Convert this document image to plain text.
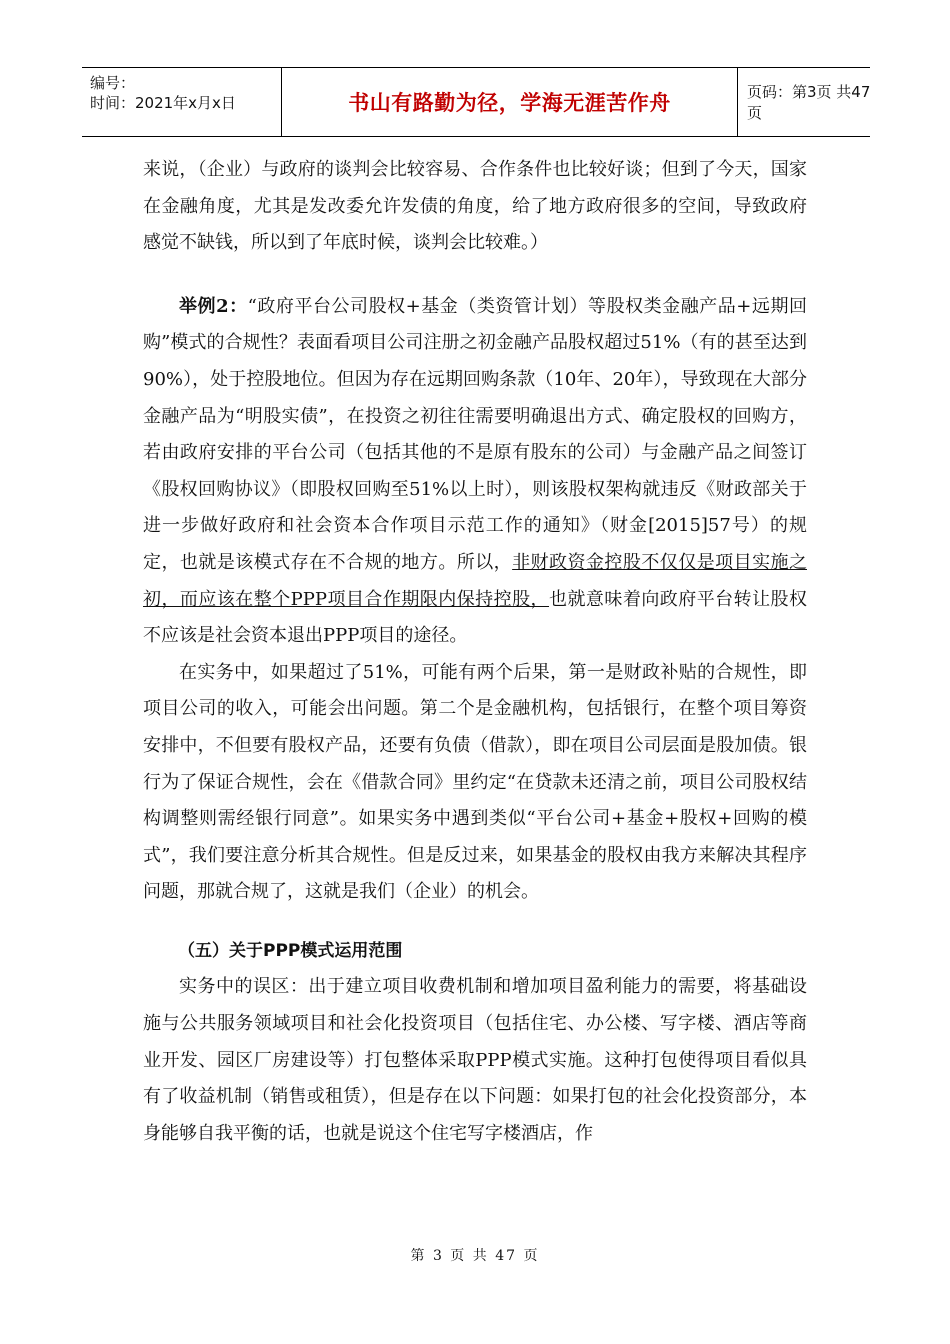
编号：
时间：2021年x月x日	书山有路勤为径，学海无涯苦作舟	页码：第3页 共47页

来说，（企业）与政府的谈判会比较容易、合作条件也比较好谈；但到了今天，国家在金融角度，尤其是发改委允许发债的角度，给了地方政府很多的空间，导致政府感觉不缺钱，所以到了年底时候，谈判会比较难。）

举例2：“政府平台公司股权+基金（类资管计划）等股权类金融产品+远期回购”模式的合规性？表面看项目公司注册之初金融产品股权超过51%（有的甚至达到90%），处于控股地位。但因为存在远期回购条款（10年、20年），导致现在大部分金融产品为“明股实债”，在投资之初往往需要明确退出方式、确定股权的回购方，若由政府安排的平台公司（包括其他的不是原有股东的公司）与金融产品之间签订《股权回购协议》（即股权回购至51%以上时），则该股权架构就违反《财政部关于进一步做好政府和社会资本合作项目示范工作的通知》（财金[2015]57号）的规定，也就是该模式存在不合规的地方。所以，非财政资金控股不仅仅是项目实施之初，而应该在整个PPP项目合作期限内保持控股，也就意味着向政府平台转让股权不应该是社会资本退出PPP项目的途径。

在实务中，如果超过了51%，可能有两个后果，第一是财政补贴的合规性，即项目公司的收入，可能会出问题。第二个是金融机构，包括银行，在整个项目筹资安排中，不但要有股权产品，还要有负债（借款），即在项目公司层面是股加债。银行为了保证合规性，会在《借款合同》里约定“在贷款未还清之前，项目公司股权结构调整则需经银行同意”。如果实务中遇到类似“平台公司+基金+股权+回购的模式”，我们要注意分析其合规性。但是反过来，如果基金的股权由我方来解决其程序问题，那就合规了，这就是我们（企业）的机会。

（五）关于PPP模式运用范围

实务中的误区：出于建立项目收费机制和增加项目盈利能力的需要，将基础设施与公共服务领域项目和社会化投资项目（包括住宅、办公楼、写字楼、酒店等商业开发、园区厂房建设等）打包整体采取PPP模式实施。这种打包使得项目看似具有了收益机制（销售或租赁），但是存在以下问题：如果打包的社会化投资部分，本身能够自我平衡的话，也就是说这个住宅写字楼酒店，作

第 3 页 共 47 页
